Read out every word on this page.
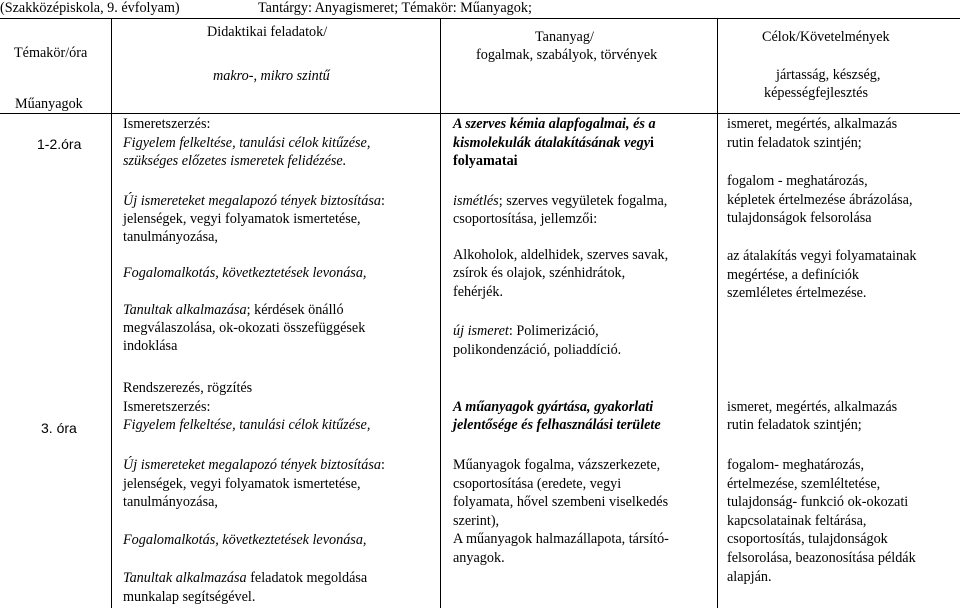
(Szakközépiskola, 9. évfolyam)	Tantárgy: Anyagismeret; Témakör: Műanyagok;
Témakör/óra
Műanyagok
Didaktikai feladatok/
makro-, mikro szintű
Tananyag/
fogalmak, szabályok, törvények
Célok/Követelmények
jártasság, készség,
képességfejlesztés
1-2.óra
Ismeretszerzés:
Figyelem felkeltése, tanulási célok kitűzése,
szükséges előzetes ismeretek felidézése.
Új ismereteket megalapozó tények biztosítása:
jelenségek, vegyi folyamatok ismertetése,
tanulmányozása,
Fogalomalkotás, következtetések levonása,
Tanultak alkalmazása; kérdések önálló
megválaszolása, ok-okozati összefüggések
indoklása
A szerves kémia alapfogalmai, és a
kismolekulák átalakításának vegyi
folyamatai
ismétlés; szerves vegyületek fogalma,
csoportosítása, jellemzői:
Alkoholok, aldelhidek, szerves savak,
zsírok és olajok, szénhidrátok,
fehérjék.
új ismeret: Polimerizáció,
polikondenzáció, poliaddíció.
ismeret, megértés, alkalmazás
rutin feladatok szintjén;
fogalom - meghatározás,
képletek értelmezése ábrázolása,
tulajdonságok felsorolása
az átalakítás vegyi folyamatainak
megértése, a definíciók
szemléletes értelmezése.
Rendszerezés, rögzítés
3. óra
Ismeretszerzés:
Figyelem felkeltése, tanulási célok kitűzése,
Új ismereteket megalapozó tények biztosítása:
jelenségek, vegyi folyamatok ismertetése,
tanulmányozása,
Fogalomalkotás, következtetések levonása,
Tanultak alkalmazása feladatok megoldása
munkalap segítségével.
A műanyagok gyártása, gyakorlati
jelentősége és felhasználási területe
Műanyagok fogalma, vázszerkezete,
csoportosítása (eredete, vegyi
folyamata, hővel szembeni viselkedés
szerint),
A műanyagok halmazállapota, társító-
anyagok.
ismeret, megértés, alkalmazás
rutin feladatok szintjén;
fogalom- meghatározás,
értelmezése, szemléltetése,
tulajdonság- funkció ok-okozati
kapcsolatainak feltárása,
csoportosítás, tulajdonságok
felsorolása, beazonosítása példák
alapján.
